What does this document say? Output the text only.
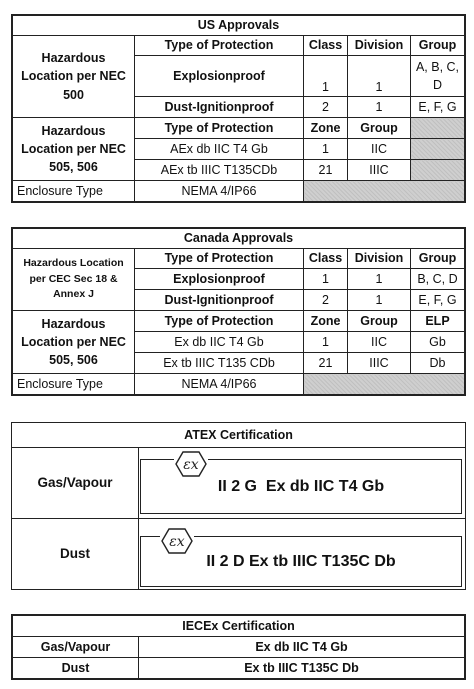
US Approvals				
Hazardous Location per NEC 500	Type of Protection	Class	Division	Group
	Explosionproof	1	1	A, B, C, D
	Dust-Ignitionproof	2	1	E, F, G
Hazardous Location per NEC 505, 506	Type of Protection	Zone	Group	
	AEx db IIC T4 Gb	1	IIC	
	AEx tb IIIC T135CDb	21	IIIC	
Enclosure Type	NEMA 4/IP66			
Canada Approvals				
Hazardous Location per CEC Sec 18 & Annex J	Type of Protection	Class	Division	Group
	Explosionproof	1	1	B, C, D
	Dust-Ignitionproof	2	1	E, F, G
Hazardous Location per NEC 505, 506	Type of Protection	Zone	Group	ELP
	Ex db IIC T4 Gb	1	IIC	Gb
	Ex tb IIIC T135 CDb	21	IIIC	Db
Enclosure Type	NEMA 4/IP66			
ATEX Certification
Gas/Vapour	II 2 G  Ex db IIC T4 Gb
εx
Dust	II 2 D Ex tb IIIC T135C Db
εx
IECEx Certification	
Gas/Vapour	Ex db IIC T4 Gb
Dust	Ex tb IIIC T135C Db
